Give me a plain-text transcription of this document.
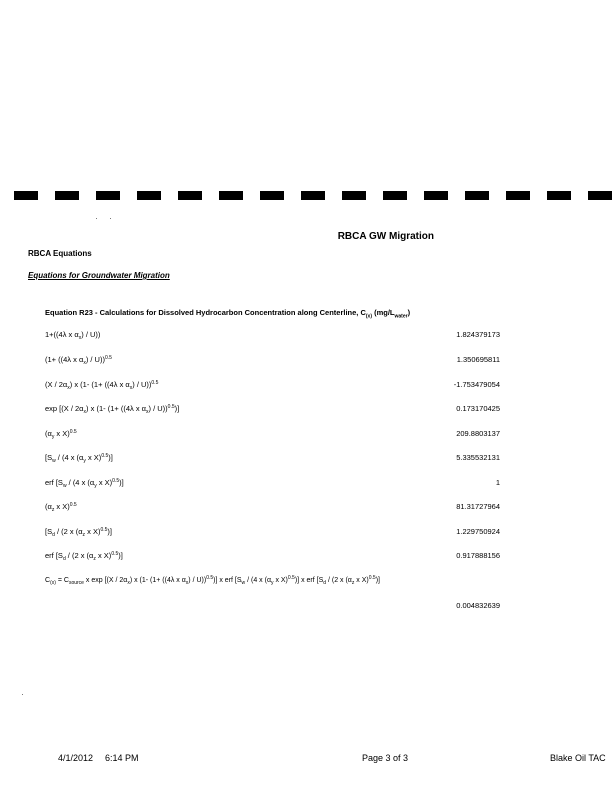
RBCA GW Migration
RBCA Equations
Equations for Groundwater Migration
Equation R23 - Calculations for Dissolved Hydrocarbon Concentration along Centerline, $C_{(x)}$ $(mg/L_{water})$
1+((4λ x $\alpha_x) / U$))	1.824379173
(1+ ((4λ x $\alpha_x) / U))^{0.5}$	1.350695811
$(X / 2\alpha_x)$ x (1- (1+ ((4λ x $\alpha_x) / U))^{0.5}$	-1.753479054
$\exp [(X / 2\alpha_x)$ x (1- (1+ ((4λ x $\alpha_x) / U))^{0.5}$)]	0.173170425
($\alpha_y$ x X)$^{0.5}$	209.8803137
[$S_w / (4$ x ($\alpha_y$ x X)$^{0.5}$)]	5.335532131
erf [$S_w / (4$ x ($\alpha_y$ x X)$^{0.5}$)]	1
($\alpha_z$ x X)$^{0.5}$	81.31727964
[$S_d / (2$ x ($\alpha_z$ x X)$^{0.5}$)]	1.229750924
erf [$S_d / (2$ x ($\alpha_z$ x X)$^{0.5}$)]	0.917888156
$C_{(x)} = C_{source}$ x $\exp [(X / 2\alpha_x)$ x (1- (1+ ((4λ x $\alpha_x) / U))^{0.5}$)] x erf [$S_w / (4$ x ($\alpha_y$ x X)$^{0.5}$)] x erf [$S_d / (2$ x ($\alpha_z$ x X)$^{0.5}$)]
0.004832639
4/1/2012 6:14 PM	Page 3 of 3	Blake Oil TAC
